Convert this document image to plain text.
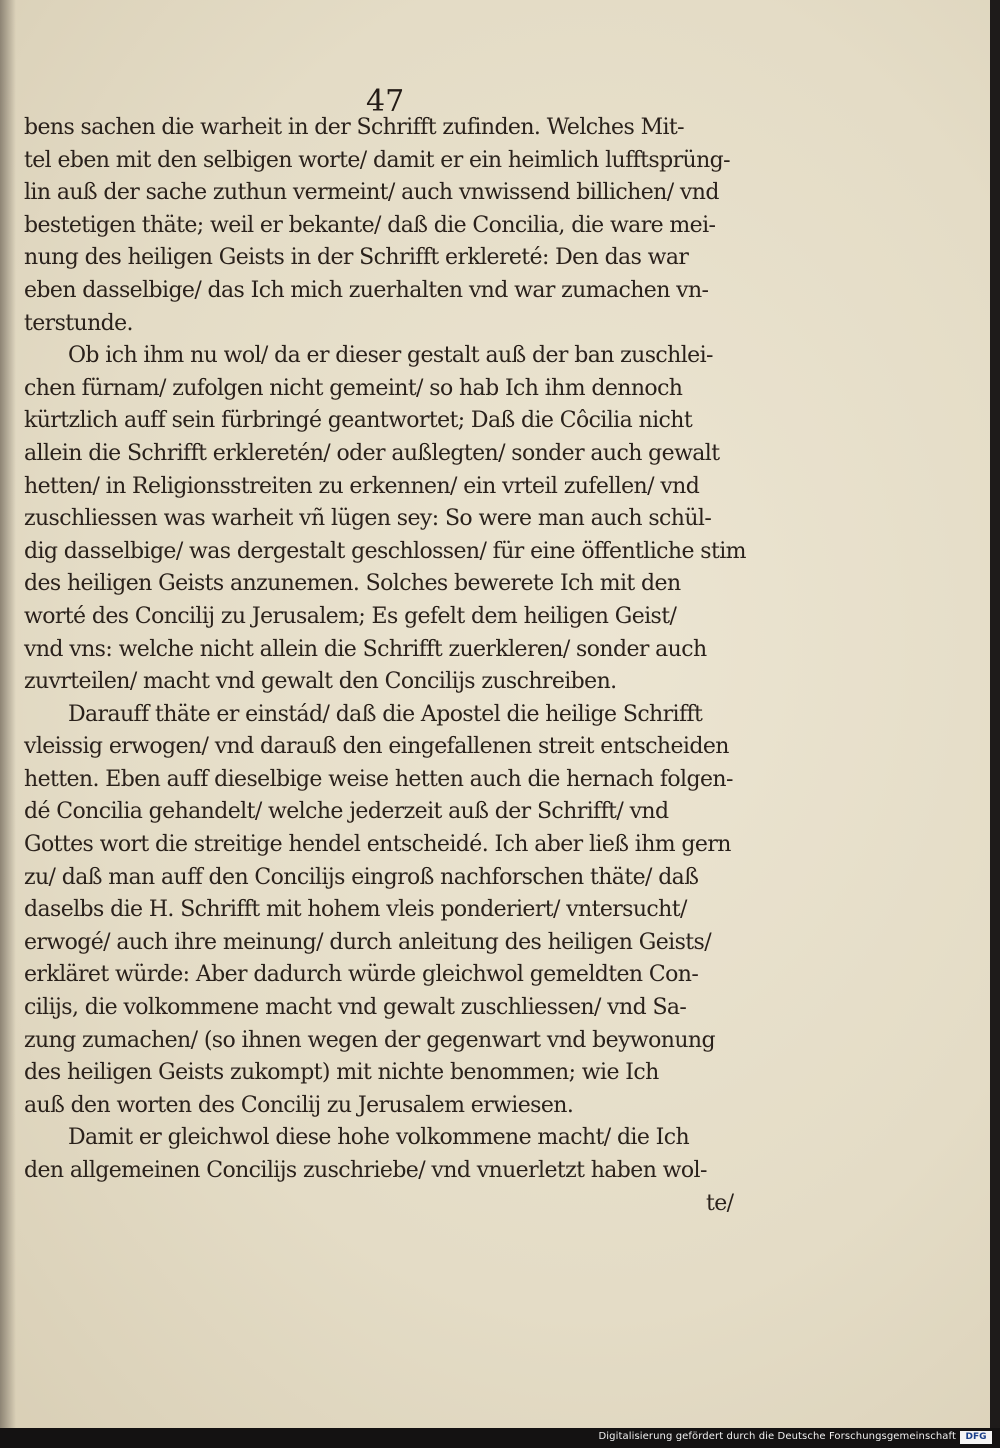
47
bens sachen die warheit in der Schrifft zufinden. Welches Mit-
tel eben mit den selbigen worte/ damit er ein heimlich lufftsprüng-
lin auß der sache zuthun vermeint/ auch vnwissend billichen/ vnd
bestetigen thäte; weil er bekante/ daß die Concilia, die ware mei-
nung des heiligen Geists in der Schrifft erklereté: Den das war
eben dasselbige/ das Ich mich zuerhalten vnd war zumachen vn-
terstunde.
Ob ich ihm nu wol/ da er dieser gestalt auß der ban zuschlei-
chen fürnam/ zufolgen nicht gemeint/ so hab Ich ihm dennoch
kürtzlich auff sein fürbringé geantwortet; Daß die Côcilia nicht
allein die Schrifft erkleretén/ oder außlegten/ sonder auch gewalt
hetten/ in Religionsstreiten zu erkennen/ ein vrteil zufellen/ vnd
zuschliessen was warheit vñ lügen sey: So were man auch schül-
dig dasselbige/ was dergestalt geschlossen/ für eine öffentliche stim
des heiligen Geists anzunemen. Solches bewerete Ich mit den
worté des Concilij zu Jerusalem; Es gefelt dem heiligen Geist/
vnd vns: welche nicht allein die Schrifft zuerkleren/ sonder auch
zuvrteilen/ macht vnd gewalt den Concilijs zuschreiben.
Darauff thäte er einstád/ daß die Apostel die heilige Schrifft
vleissig erwogen/ vnd darauß den eingefallenen streit entscheiden
hetten. Eben auff dieselbige weise hetten auch die hernach folgen-
dé Concilia gehandelt/ welche jederzeit auß der Schrifft/ vnd
Gottes wort die streitige hendel entscheidé. Ich aber ließ ihm gern
zu/ daß man auff den Concilijs eingroß nachforschen thäte/ daß
daselbs die H. Schrifft mit hohem vleis ponderiert/ vntersucht/
erwogé/ auch ihre meinung/ durch anleitung des heiligen Geists/
erkläret würde: Aber dadurch würde gleichwol gemeldten Con-
cilijs, die volkommene macht vnd gewalt zuschliessen/ vnd Sa-
zung zumachen/ (so ihnen wegen der gegenwart vnd beywonung
des heiligen Geists zukompt) mit nichte benommen; wie Ich
auß den worten des Concilij zu Jerusalem erwiesen.
Damit er gleichwol diese hohe volkommene macht/ die Ich
den allgemeinen Concilijs zuschriebe/ vnd vnuerletzt haben wol-
te/
Digitalisierung gefördert durch die Deutsche Forschungsgemeinschaft	DFG
